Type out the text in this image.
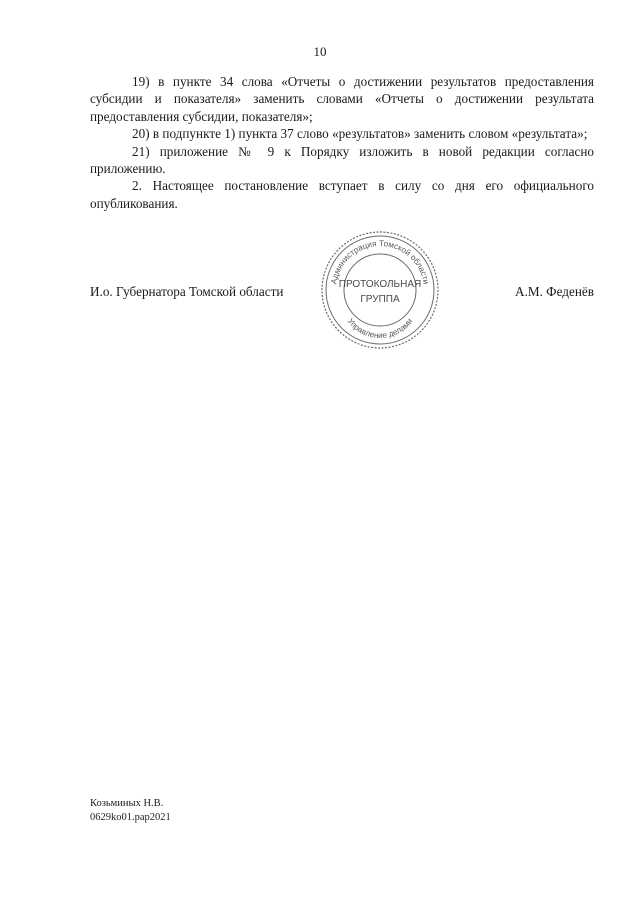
10

19) в пункте 34 слова «Отчеты о достижении результатов предоставления субсидии и показателя» заменить словами «Отчеты о достижении результата предоставления субсидии, показателя»;

20) в подпункте 1) пункта 37 слово «результатов» заменить словом «результата»;

21) приложение № 9 к Порядку изложить в новой редакции согласно приложению.

2. Настоящее постановление вступает в силу со дня его официального опубликования.

И.о. Губернатора Томской области	А.М. Феденёв
Администрация Томской области
Управление делами
ПРОТОКОЛЬНАЯ
ГРУППА
Козьминых Н.В.
0629ko01.pap2021
